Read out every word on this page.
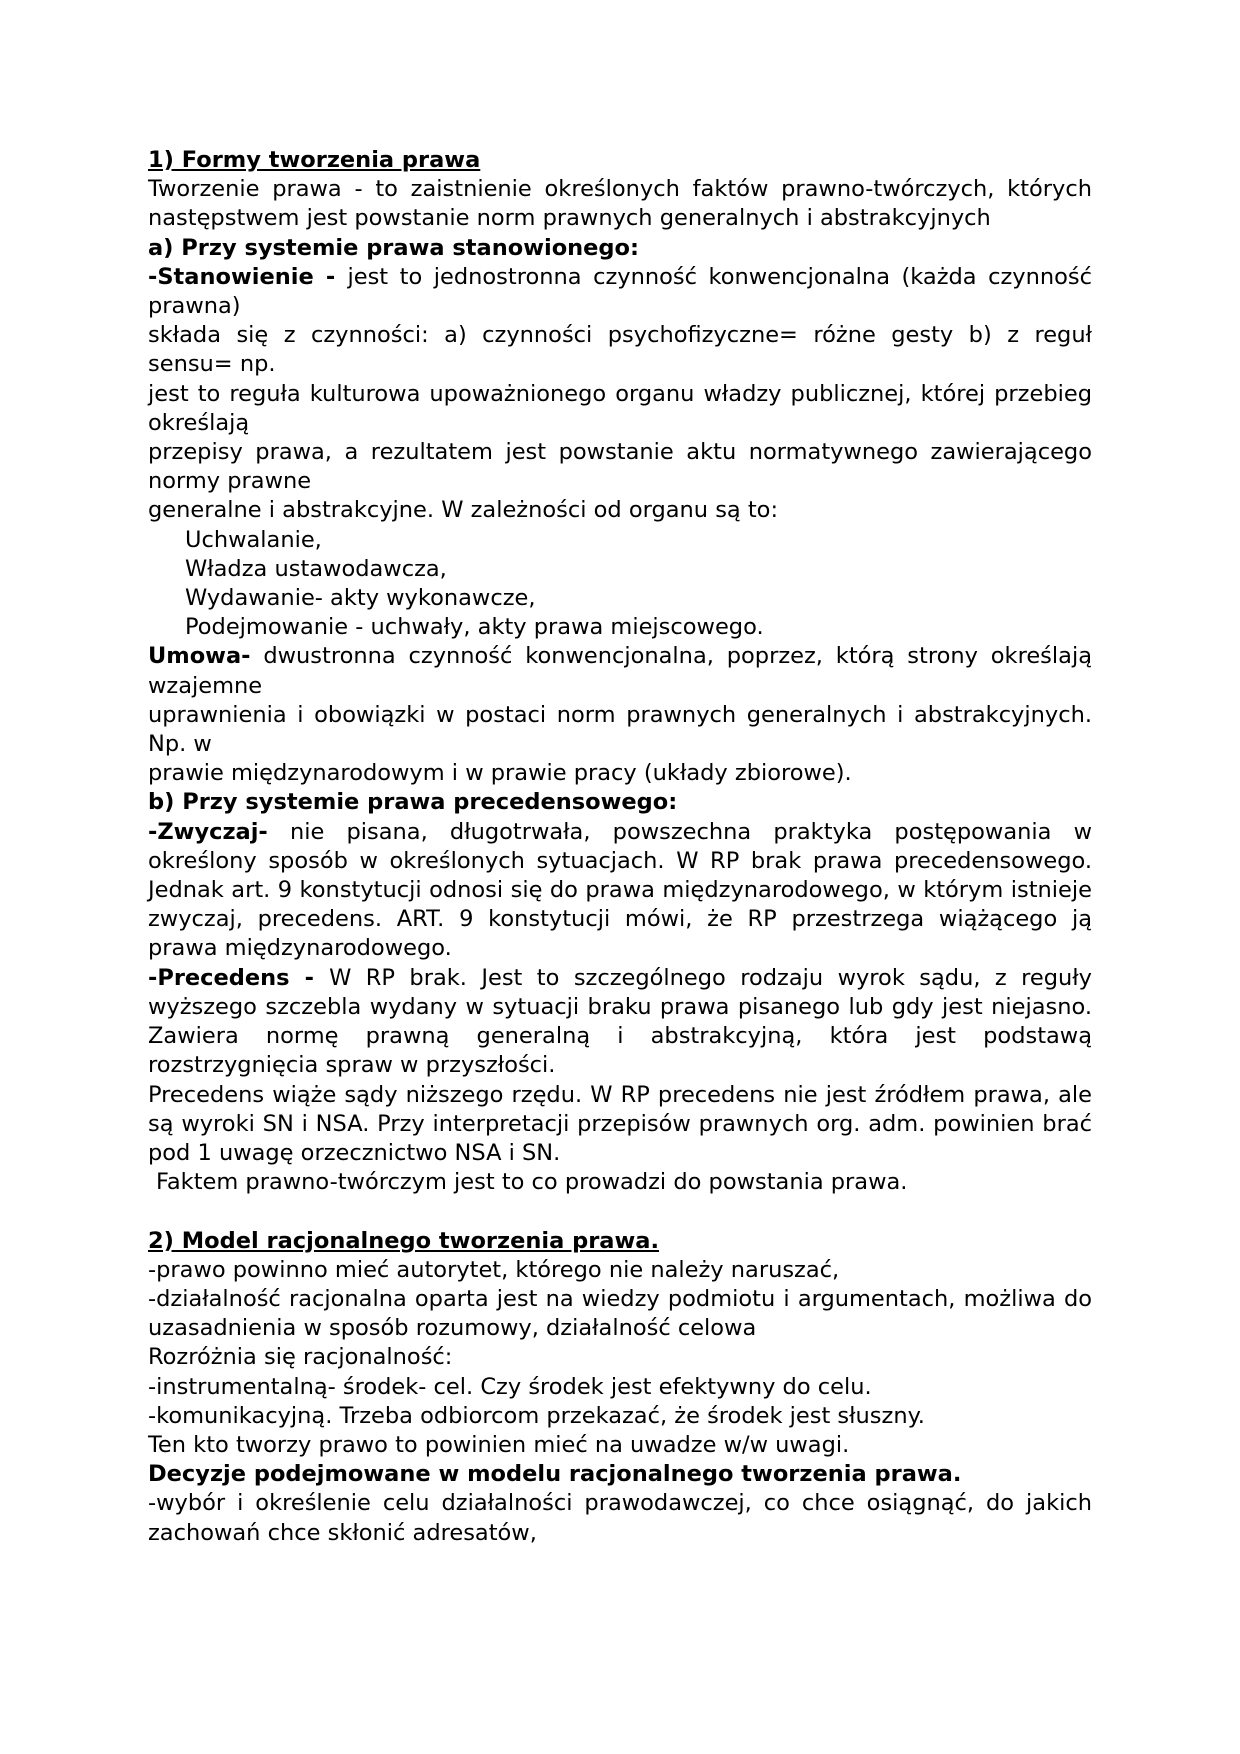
1) Formy tworzenia prawa

Tworzenie prawa - to zaistnienie określonych faktów prawno-twórczych, których następstwem jest powstanie norm prawnych generalnych i abstrakcyjnych

a) Przy systemie prawa stanowionego:

-Stanowienie - jest to jednostronna czynność konwencjonalna (każda czynność prawna)

składa się z czynności: a) czynności psychofizyczne= różne gesty b) z reguł sensu= np.

jest to reguła kulturowa upoważnionego organu władzy publicznej, której przebieg określają

przepisy prawa, a rezultatem jest powstanie aktu normatywnego zawierającego normy prawne

generalne i abstrakcyjne. W zależności od organu są to:

Uchwalanie,

Władza ustawodawcza,

Wydawanie- akty wykonawcze,

Podejmowanie - uchwały, akty prawa miejscowego.

Umowa- dwustronna czynność konwencjonalna, poprzez, którą strony określają wzajemne

uprawnienia i obowiązki w postaci norm prawnych generalnych i abstrakcyjnych. Np. w

prawie międzynarodowym i w prawie pracy (układy zbiorowe).

b) Przy systemie prawa precedensowego:

-Zwyczaj- nie pisana, długotrwała, powszechna praktyka postępowania w określony sposób w określonych sytuacjach. W RP brak prawa precedensowego. Jednak art. 9 konstytucji odnosi się do prawa międzynarodowego, w którym istnieje zwyczaj, precedens. ART. 9 konstytucji mówi, że RP przestrzega wiążącego ją prawa międzynarodowego.

-Precedens - W RP brak. Jest to szczególnego rodzaju wyrok sądu, z reguły wyższego szczebla wydany w sytuacji braku prawa pisanego lub gdy jest niejasno. Zawiera normę prawną generalną i abstrakcyjną, która jest podstawą rozstrzygnięcia spraw w przyszłości.

Precedens wiąże sądy niższego rzędu. W RP precedens nie jest źródłem prawa, ale są wyroki SN i NSA. Przy interpretacji przepisów prawnych org. adm. powinien brać pod 1 uwagę orzecznictwo NSA i SN.

Faktem prawno-twórczym jest to co prowadzi do powstania prawa.

2) Model racjonalnego tworzenia prawa.

-prawo powinno mieć autorytet, którego nie należy naruszać,

-działalność racjonalna oparta jest na wiedzy podmiotu i argumentach, możliwa do uzasadnienia w sposób rozumowy, działalność celowa

Rozróżnia się racjonalność:

-instrumentalną- środek- cel. Czy środek jest efektywny do celu.

-komunikacyjną. Trzeba odbiorcom przekazać, że środek jest słuszny.

Ten kto tworzy prawo to powinien mieć na uwadze w/w uwagi.

Decyzje podejmowane w modelu racjonalnego tworzenia prawa.

-wybór i określenie celu działalności prawodawczej, co chce osiągnąć, do jakich zachowań chce skłonić adresatów,
